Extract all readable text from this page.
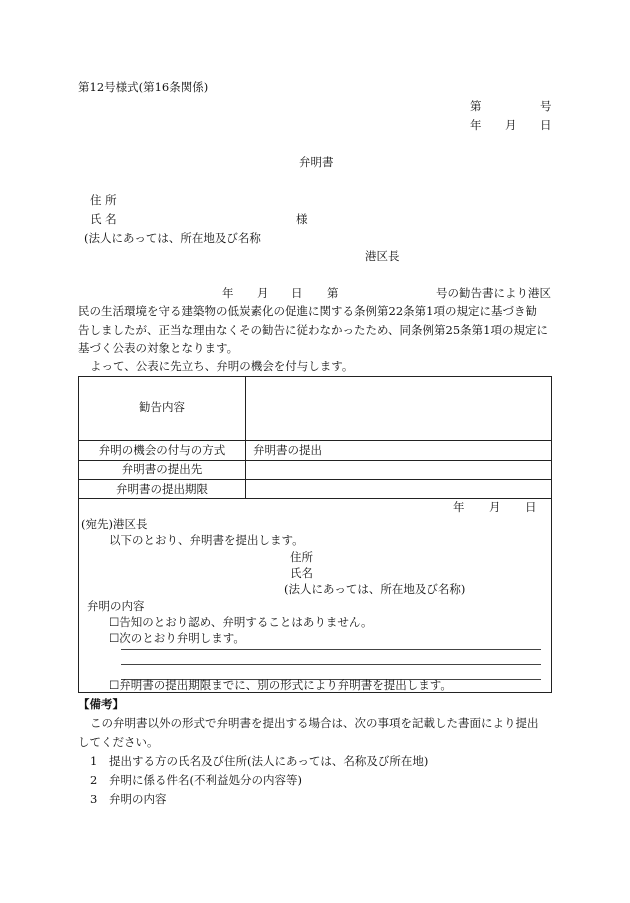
第12号様式(第16条関係)
第	号
年 月 日
弁明書
住 所
氏 名	様
(法人にあっては、所在地及び名称
港区長
年 月 日 第	号の勧告書により港区
民の生活環境を守る建築物の低炭素化の促進に関する条例第22条第1項の規定に基づき勧
告しましたが、正当な理由なくその勧告に従わなかったため、同条例第25条第1項の規定に
基づく公表の対象となります。
よって、公表に先立ち、弁明の機会を付与します。
勧告内容
弁明の機会の付与の方式	弁明書の提出
弁明書の提出先
弁明書の提出期限
年 月 日
(宛先)港区長
以下のとおり、弁明書を提出します。
住所
氏名
(法人にあっては、所在地及び名称)
弁明の内容
☐告知のとおり認め、弁明することはありません。
☐次のとおり弁明します。
☐弁明書の提出期限までに、別の形式により弁明書を提出します。
【備考】
この弁明書以外の形式で弁明書を提出する場合は、次の事項を記載した書面により提出
してください。
1 提出する方の氏名及び住所(法人にあっては、名称及び所在地)
2 弁明に係る件名(不利益処分の内容等)
3 弁明の内容
